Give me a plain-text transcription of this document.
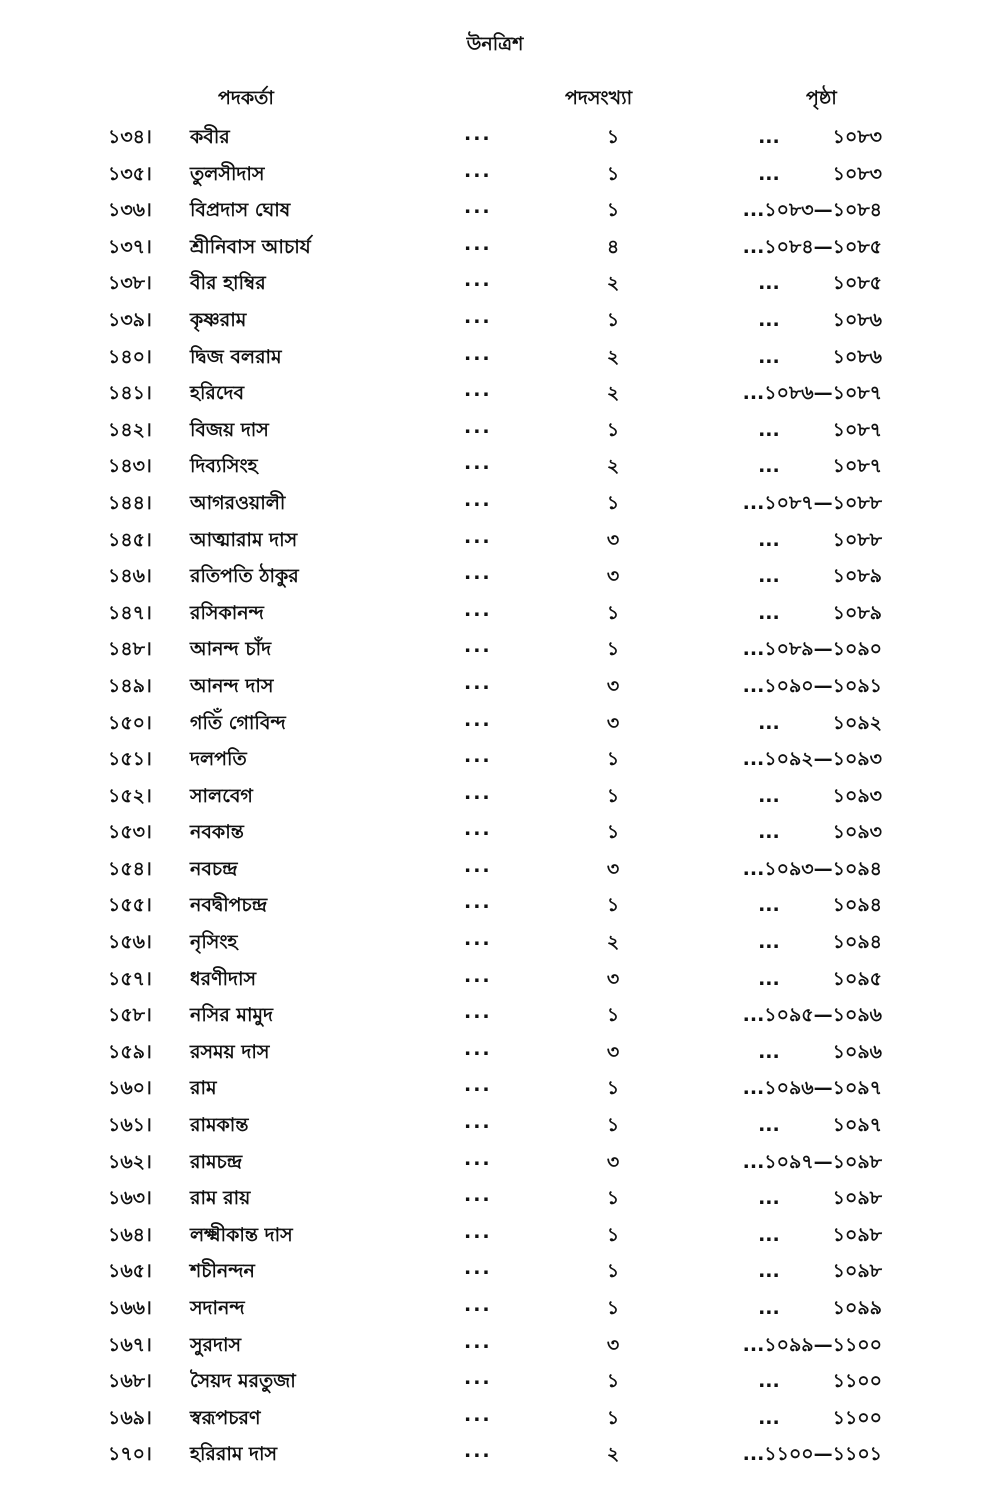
উনত্রিশ
পদকর্তা	পদসংখ্যা	পৃষ্ঠা
১৩৪।	কবীর	...	১	...        ১০৮৩
১৩৫।	তুলসীদাস	...	১	...        ১০৮৩
১৩৬।	বিপ্রদাস ঘোষ	...	১	...১০৮৩—১০৮৪
১৩৭।	শ্রীনিবাস আচার্য	...	৪	...১০৮৪—১০৮৫
১৩৮।	বীর হাম্বির	...	২	...        ১০৮৫
১৩৯।	কৃষ্ণরাম	...	১	...        ১০৮৬
১৪০।	দ্বিজ বলরাম	...	২	...        ১০৮৬
১৪১।	হরিদেব	...	২	...১০৮৬—১০৮৭
১৪২।	বিজয় দাস	...	১	...        ১০৮৭
১৪৩।	দিব্যসিংহ	...	২	...        ১০৮৭
১৪৪।	আগরওয়ালী	...	১	...১০৮৭—১০৮৮
১৪৫।	আত্মারাম দাস	...	৩	...        ১০৮৮
১৪৬।	রতিপতি ঠাকুর	...	৩	...        ১০৮৯
১৪৭।	রসিকানন্দ	...	১	...        ১০৮৯
১৪৮।	আনন্দ চাঁদ	...	১	...১০৮৯—১০৯০
১৪৯।	আনন্দ দাস	...	৩	...১০৯০—১০৯১
১৫০।	গতিঁ গোবিন্দ	...	৩	...        ১০৯২
১৫১।	দলপতি	...	১	...১০৯২—১০৯৩
১৫২।	সালবেগ	...	১	...        ১০৯৩
১৫৩।	নবকান্ত	...	১	...        ১০৯৩
১৫৪।	নবচন্দ্র	...	৩	...১০৯৩—১০৯৪
১৫৫।	নবদ্বীপচন্দ্র	...	১	...        ১০৯৪
১৫৬।	নৃসিংহ	...	২	...        ১০৯৪
১৫৭।	ধরণীদাস	...	৩	...        ১০৯৫
১৫৮।	নসির মামুদ	...	১	...১০৯৫—১০৯৬
১৫৯।	রসময় দাস	...	৩	...        ১০৯৬
১৬০।	রাম	...	১	...১০৯৬—১০৯৭
১৬১।	রামকান্ত	...	১	...        ১০৯৭
১৬২।	রামচন্দ্র	...	৩	...১০৯৭—১০৯৮
১৬৩।	রাম রায়	...	১	...        ১০৯৮
১৬৪।	লক্ষ্মীকান্ত দাস	...	১	...        ১০৯৮
১৬৫।	শচীনন্দন	...	১	...        ১০৯৮
১৬৬।	সদানন্দ	...	১	...        ১০৯৯
১৬৭।	সুরদাস	...	৩	...১০৯৯—১১০০
১৬৮।	সৈয়দ মরতুজা	...	১	...        ১১০০
১৬৯।	স্বরূপচরণ	...	১	...        ১১০০
১৭০।	হরিরাম দাস	...	২	...১১০০—১১০১
